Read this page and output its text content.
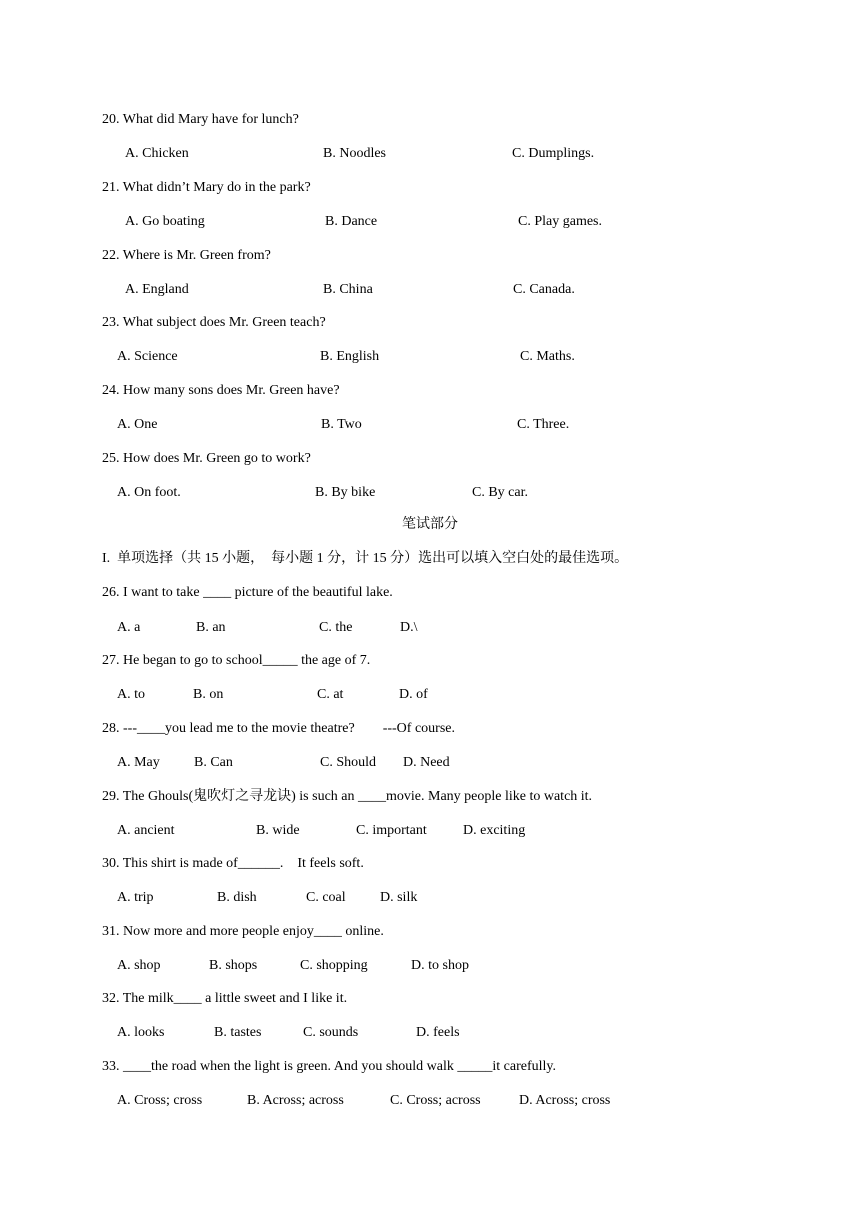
20. What did Mary have for lunch?
A. Chicken	B. Noodles	C. Dumplings.
21. What didn’t Mary do in the park?
A. Go boating	B. Dance	C. Play games.
22. Where is Mr. Green from?
A. England	B. China	C. Canada.
23. What subject does Mr. Green teach?
A. Science	B. English	C. Maths.
24. How many sons does Mr. Green have?
A. One	B. Two	C. Three.
25. How does Mr. Green go to work?
A. On foot.	B. By bike	C. By car.
笔试部分
I.  单项选择（共 15 小题，  每小题 1 分，计 15 分）选出可以填入空白处的最佳选项。
26. I want to take ____ picture of the beautiful lake.
A. a	B. an	C. the	D.\
27. He began to go to school_____ the age of 7.
A. to	B. on	C. at	D. of
28. ---____you lead me to the movie theatre?        ---Of course.
A. May B. Can	C. Should D. Need
29. The Ghouls(鬼吹灯之寻龙诀) is such an ____movie. Many people like to watch it.
A. ancient	B. wide	C. important	D. exciting
30. This shirt is made of______.    It feels soft.
A. trip	B. dish	C. coal D. silk
31. Now more and more people enjoy____ online.
A. shop	B. shops	C. shopping	D. to shop
32. The milk____ a little sweet and I like it.
A. looks	B. tastes	C. sounds	D. feels
33. ____the road when the light is green. And you should walk _____it carefully.
A. Cross; cross	B. Across; across	C. Cross; across	D. Across; cross
